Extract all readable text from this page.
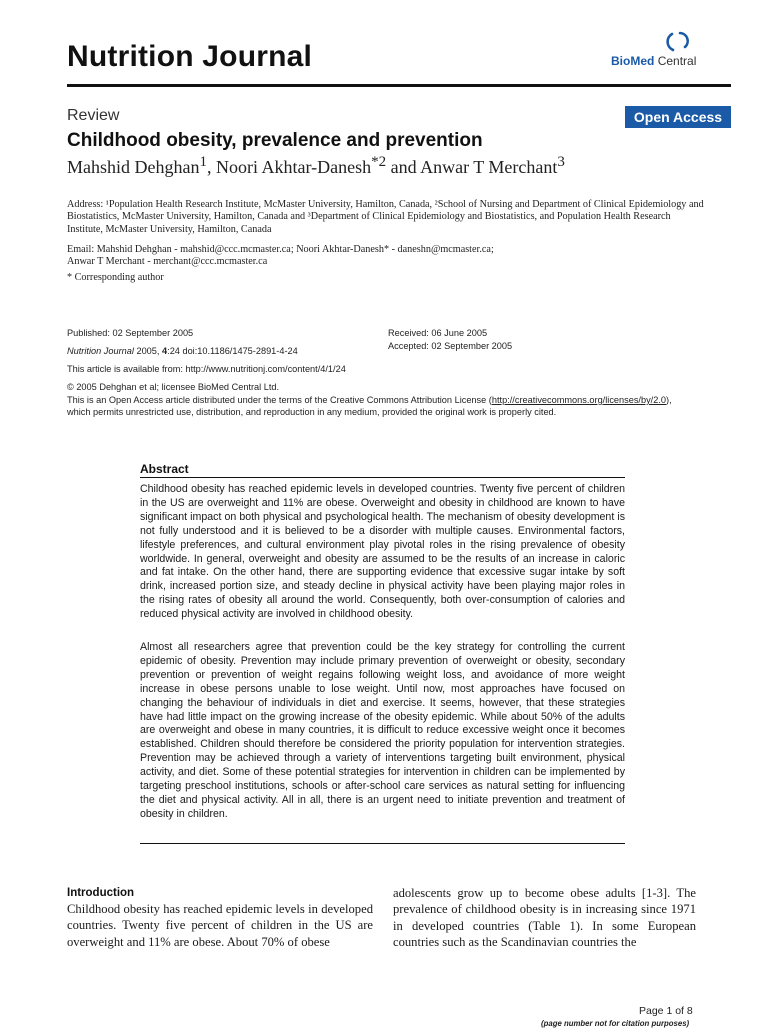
Nutrition Journal	BioMed Central
Review	Open Access
Childhood obesity, prevalence and prevention
Mahshid Dehghan$^1$, Noori Akhtar-Danesh$^{*2}$ and Anwar T Merchant$^3$
Address: ¹Population Health Research Institute, McMaster University, Hamilton, Canada, ²School of Nursing and Department of Clinical Epidemiology and Biostatistics, McMaster University, Hamilton, Canada and ³Department of Clinical Epidemiology and Biostatistics, and Population Health Research Institute, McMaster University, Hamilton, Canada
Email: Mahshid Dehghan - mahshid@ccc.mcmaster.ca; Noori Akhtar-Danesh* - daneshn@mcmaster.ca;
Anwar T Merchant - merchant@ccc.mcmaster.ca
* Corresponding author
Published: 02 September 2005
Nutrition Journal 2005, 4:24 doi:10.1186/1475-2891-4-24
Received: 06 June 2005
Accepted: 02 September 2005
This article is available from: http://www.nutritionj.com/content/4/1/24
© 2005 Dehghan et al; licensee BioMed Central Ltd.
This is an Open Access article distributed under the terms of the Creative Commons Attribution License (http://creativecommons.org/licenses/by/2.0),
which permits unrestricted use, distribution, and reproduction in any medium, provided the original work is properly cited.
Abstract

Childhood obesity has reached epidemic levels in developed countries. Twenty five percent of children in the US are overweight and 11% are obese. Overweight and obesity in childhood are known to have significant impact on both physical and psychological health. The mechanism of obesity development is not fully understood and it is believed to be a disorder with multiple causes. Environmental factors, lifestyle preferences, and cultural environment play pivotal roles in the rising prevalence of obesity worldwide. In general, overweight and obesity are assumed to be the results of an increase in caloric and fat intake. On the other hand, there are supporting evidence that excessive sugar intake by soft drink, increased portion size, and steady decline in physical activity have been playing major roles in the rising rates of obesity all around the world. Consequently, both over-consumption of calories and reduced physical activity are involved in childhood obesity.

Almost all researchers agree that prevention could be the key strategy for controlling the current epidemic of obesity. Prevention may include primary prevention of overweight or obesity, secondary prevention or prevention of weight regains following weight loss, and avoidance of more weight increase in obese persons unable to lose weight. Until now, most approaches have focused on changing the behaviour of individuals in diet and exercise. It seems, however, that these strategies have had little impact on the growing increase of the obesity epidemic. While about 50% of the adults are overweight and obese in many countries, it is difficult to reduce excessive weight once it becomes established. Children should therefore be considered the priority population for intervention strategies. Prevention may be achieved through a variety of interventions targeting built environment, physical activity, and diet. Some of these potential strategies for intervention in children can be implemented by targeting preschool institutions, schools or after-school care services as natural setting for influencing the diet and physical activity. All in all, there is an urgent need to initiate prevention and treatment of obesity in children.

Introduction

Childhood obesity has reached epidemic levels in developed countries. Twenty five percent of children in the US are overweight and 11% are obese. About 70% of obese

adolescents grow up to become obese adults [1-3]. The prevalence of childhood obesity is in increasing since 1971 in developed countries (Table 1). In some European countries such as the Scandinavian countries the

Page 1 of 8
(page number not for citation purposes)
